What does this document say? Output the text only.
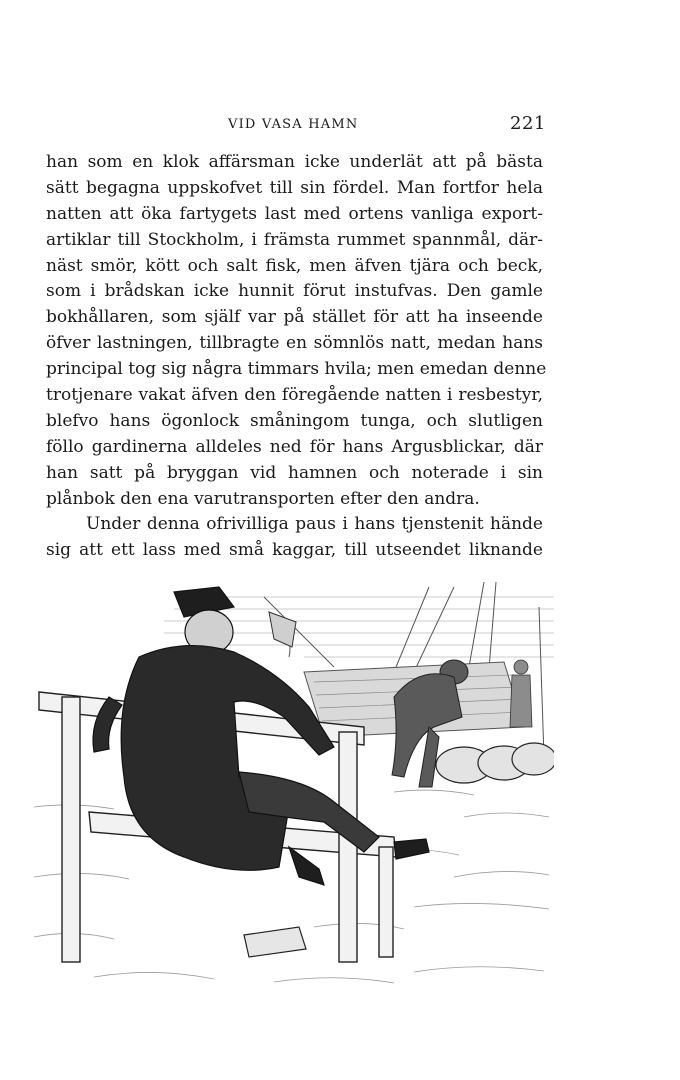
VID VASA HAMN	221
han som en klok affärsman icke underlät att på bästa
sätt begagna uppskofvet till sin fördel. Man fortfor hela
natten att öka fartygets last med ortens vanliga export-
artiklar till Stockholm, i främsta rummet spannmål, där-
näst smör, kött och salt fisk, men äfven tjära och beck,
som i brådskan icke hunnit förut instufvas. Den gamle
bokhållaren, som själf var på stället för att ha inseende
öfver lastningen, tillbragte en sömnlös natt, medan hans
principal tog sig några timmars hvila; men emedan denne
trotjenare vakat äfven den föregående natten i resbestyr,
blefvo hans ögonlock småningom tunga, och slutligen
föllo gardinerna alldeles ned för hans Argusblickar, där
han satt på bryggan vid hamnen och noterade i sin
plånbok den ena varutransporten efter den andra.
Under denna ofrivilliga paus i hans tjenstenit hände
sig att ett lass med små kaggar, till utseendet liknande
